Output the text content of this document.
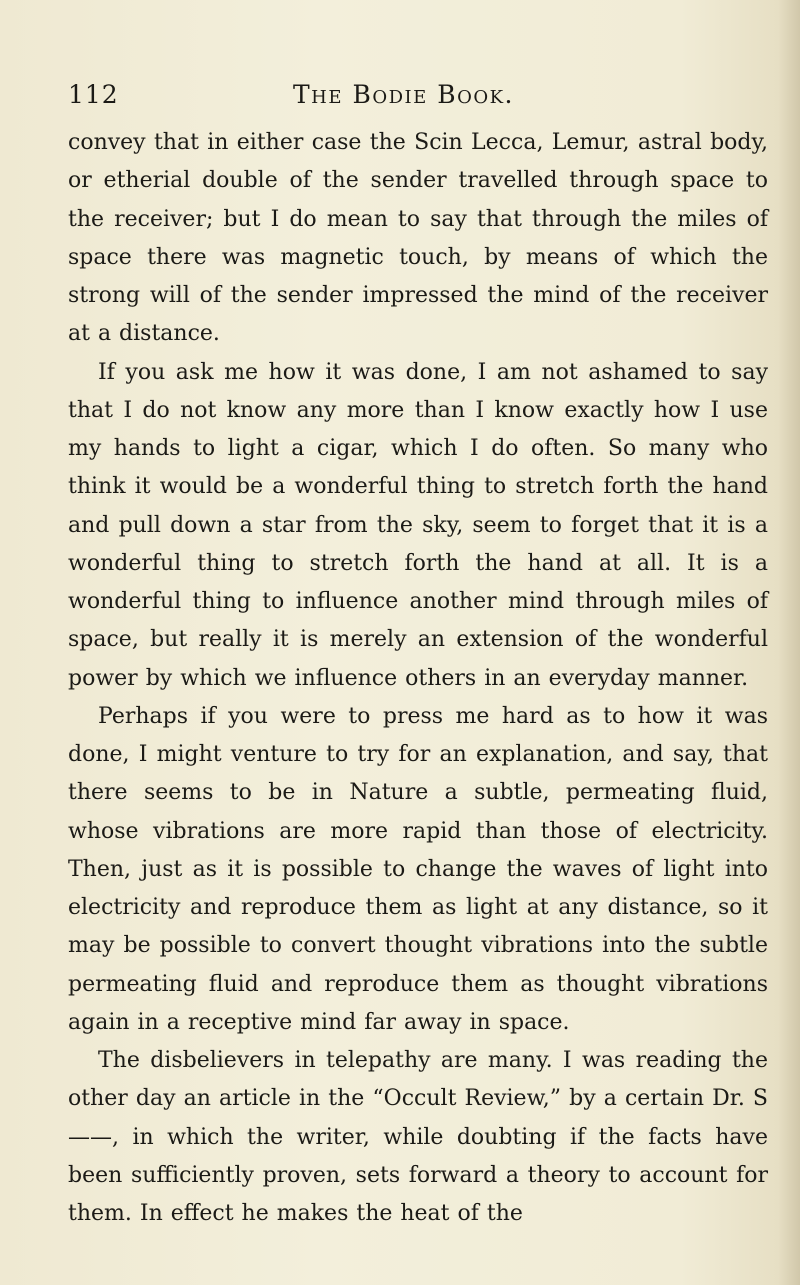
112	The Bodie Book.

convey that in either case the Scin Lecca, Lemur, astral body, or etherial double of the sender travelled through space to the receiver; but I do mean to say that through the miles of space there was magnetic touch, by means of which the strong will of the sender impressed the mind of the receiver at a distance.

If you ask me how it was done, I am not ashamed to say that I do not know any more than I know exactly how I use my hands to light a cigar, which I do often. So many who think it would be a wonderful thing to stretch forth the hand and pull down a star from the sky, seem to forget that it is a wonderful thing to stretch forth the hand at all. It is a wonderful thing to influence another mind through miles of space, but really it is merely an extension of the wonderful power by which we influence others in an everyday manner.

Perhaps if you were to press me hard as to how it was done, I might venture to try for an explanation, and say, that there seems to be in Nature a subtle, permeating fluid, whose vibrations are more rapid than those of electricity. Then, just as it is possible to change the waves of light into electricity and reproduce them as light at any distance, so it may be possible to convert thought vibrations into the subtle permeating fluid and reproduce them as thought vibrations again in a receptive mind far away in space.

The disbelievers in telepathy are many. I was reading the other day an article in the “Occult Review,” by a certain Dr. S——, in which the writer, while doubting if the facts have been sufficiently proven, sets forward a theory to account for them. In effect he makes the heat of the
